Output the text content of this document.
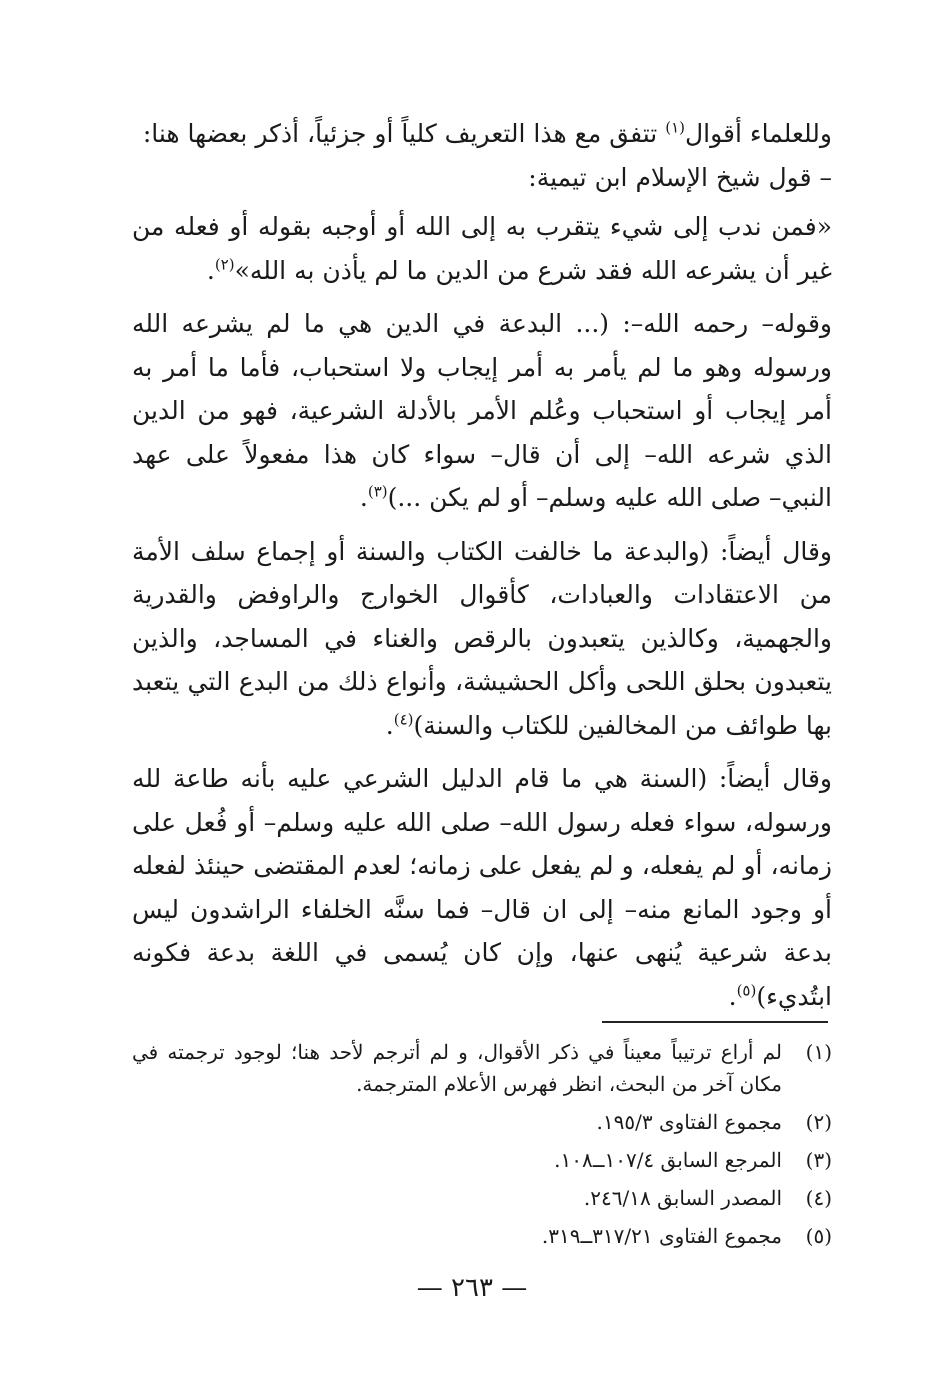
وللعلماء أقوال$^{(١)}$ تتفق مع هذا التعريف كلياً أو جزئياً، أذكر بعضها هنا:
– قول شيخ الإسلام ابن تيمية:

«فمن ندب إلى شيء يتقرب به إلى الله أو أوجبه بقوله أو فعله من غير أن يشرعه الله فقد شرع من الدين ما لم يأذن به الله»$^{(٢)}$.

وقوله– رحمه الله–: (... البدعة في الدين هي ما لم يشرعه الله ورسوله وهو ما لم يأمر به أمر إيجاب ولا استحباب، فأما ما أمر به أمر إيجاب أو استحباب وعُلم الأمر بالأدلة الشرعية، فهو من الدين الذي شرعه الله– إلى أن قال– سواء كان هذا مفعولاً على عهد النبي– صلى الله عليه وسلم– أو لم يكن ...)$^{(٣)}$.

وقال أيضاً: (والبدعة ما خالفت الكتاب والسنة أو إجماع سلف الأمة من الاعتقادات والعبادات، كأقوال الخوارج والراوفض والقدرية والجهمية، وكالذين يتعبدون بالرقص والغناء في المساجد، والذين يتعبدون بحلق اللحى وأكل الحشيشة، وأنواع ذلك من البدع التي يتعبد بها طوائف من المخالفين للكتاب والسنة)$^{(٤)}$.

وقال أيضاً: (السنة هي ما قام الدليل الشرعي عليه بأنه طاعة لله ورسوله، سواء فعله رسول الله– صلى الله عليه وسلم– أو فُعل على زمانه، أو لم يفعله، و لم يفعل على زمانه؛ لعدم المقتضى حينئذ لفعله أو وجود المانع منه– إلى ان قال– فما سنَّه الخلفاء الراشدون ليس بدعة شرعية يُنهى عنها، وإن كان يُسمى في اللغة بدعة فكونه ابتُديء)$^{(٥)}$.

(١)
لم أراع ترتيباً معيناً في ذكر الأقوال، و لم أترجم لأحد هنا؛ لوجود ترجمته في مكان آخر من البحث، انظر فهرس الأعلام المترجمة.
(٢)
مجموع الفتاوى ١٩٥/٣.
(٣)
المرجع السابق ١٠٧/٤ــ١٠٨.
(٤)
المصدر السابق ٢٤٦/١٨.
(٥)
مجموع الفتاوى ٣١٧/٢١ــ٣١٩.
— ٢٦٣ —
